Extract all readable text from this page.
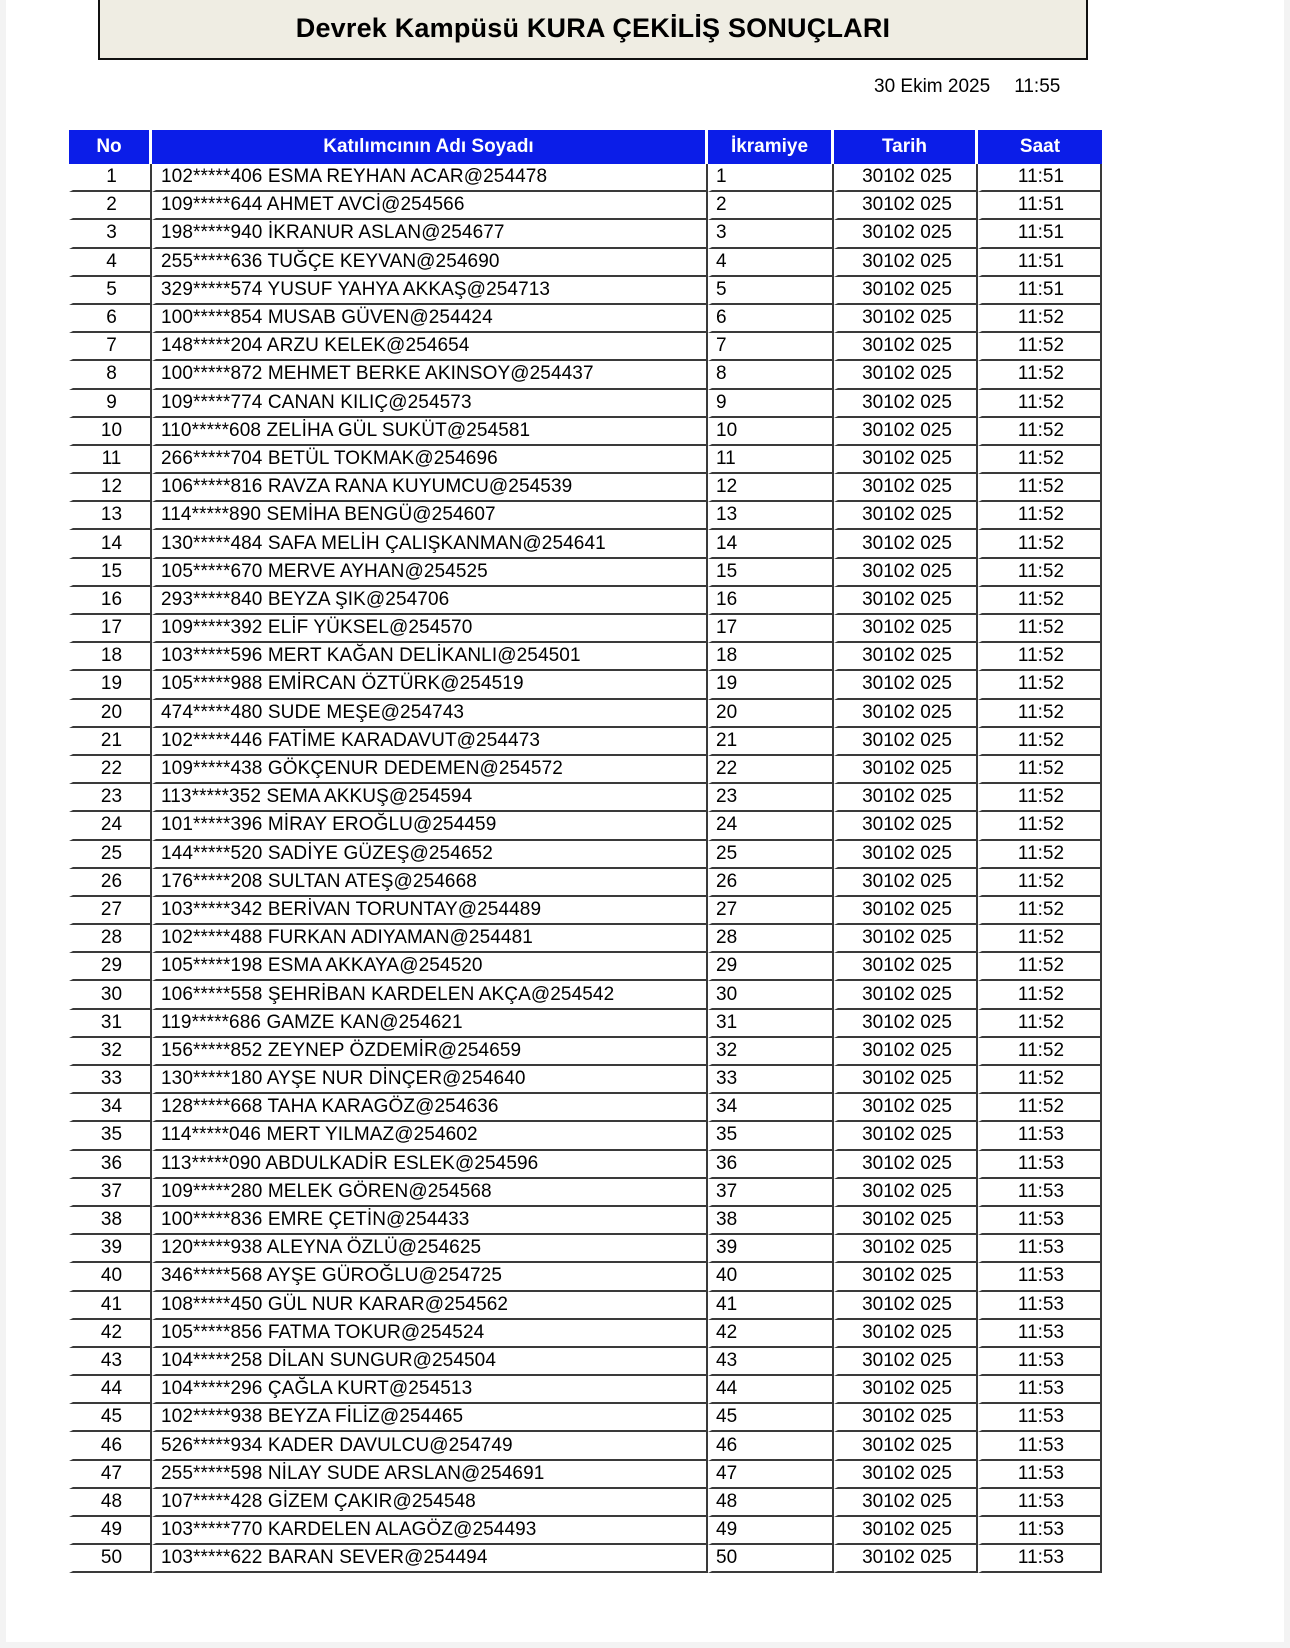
Devrek Kampüsü KURA ÇEKİLİŞ SONUÇLARI
30 Ekim 2025 11:55
No	Katılımcının Adı Soyadı	İkramiye	Tarih	Saat
1	102*****406 ESMA REYHAN ACAR@254478	1	30102 025	11:51
2	109*****644 AHMET AVCİ@254566	2	30102 025	11:51
3	198*****940 İKRANUR ASLAN@254677	3	30102 025	11:51
4	255*****636 TUĞÇE KEYVAN@254690	4	30102 025	11:51
5	329*****574 YUSUF YAHYA AKKAŞ@254713	5	30102 025	11:51
6	100*****854 MUSAB GÜVEN@254424	6	30102 025	11:52
7	148*****204 ARZU KELEK@254654	7	30102 025	11:52
8	100*****872 MEHMET BERKE AKINSOY@254437	8	30102 025	11:52
9	109*****774 CANAN KILIÇ@254573	9	30102 025	11:52
10	110*****608 ZELİHA GÜL SUKÜT@254581	10	30102 025	11:52
11	266*****704 BETÜL TOKMAK@254696	11	30102 025	11:52
12	106*****816 RAVZA RANA KUYUMCU@254539	12	30102 025	11:52
13	114*****890 SEMİHA BENGÜ@254607	13	30102 025	11:52
14	130*****484 SAFA MELİH ÇALIŞKANMAN@254641	14	30102 025	11:52
15	105*****670 MERVE AYHAN@254525	15	30102 025	11:52
16	293*****840 BEYZA ŞIK@254706	16	30102 025	11:52
17	109*****392 ELİF YÜKSEL@254570	17	30102 025	11:52
18	103*****596 MERT KAĞAN DELİKANLI@254501	18	30102 025	11:52
19	105*****988 EMİRCAN ÖZTÜRK@254519	19	30102 025	11:52
20	474*****480 SUDE MEŞE@254743	20	30102 025	11:52
21	102*****446 FATİME KARADAVUT@254473	21	30102 025	11:52
22	109*****438 GÖKÇENUR DEDEMEN@254572	22	30102 025	11:52
23	113*****352 SEMA AKKUŞ@254594	23	30102 025	11:52
24	101*****396 MİRAY EROĞLU@254459	24	30102 025	11:52
25	144*****520 SADİYE GÜZEŞ@254652	25	30102 025	11:52
26	176*****208 SULTAN ATEŞ@254668	26	30102 025	11:52
27	103*****342 BERİVAN TORUNTAY@254489	27	30102 025	11:52
28	102*****488 FURKAN ADIYAMAN@254481	28	30102 025	11:52
29	105*****198 ESMA AKKAYA@254520	29	30102 025	11:52
30	106*****558 ŞEHRİBAN KARDELEN AKÇA@254542	30	30102 025	11:52
31	119*****686 GAMZE KAN@254621	31	30102 025	11:52
32	156*****852 ZEYNEP ÖZDEMİR@254659	32	30102 025	11:52
33	130*****180 AYŞE NUR DİNÇER@254640	33	30102 025	11:52
34	128*****668 TAHA KARAGÖZ@254636	34	30102 025	11:52
35	114*****046 MERT YILMAZ@254602	35	30102 025	11:53
36	113*****090 ABDULKADİR ESLEK@254596	36	30102 025	11:53
37	109*****280 MELEK GÖREN@254568	37	30102 025	11:53
38	100*****836 EMRE ÇETİN@254433	38	30102 025	11:53
39	120*****938 ALEYNA ÖZLÜ@254625	39	30102 025	11:53
40	346*****568 AYŞE GÜROĞLU@254725	40	30102 025	11:53
41	108*****450 GÜL NUR KARAR@254562	41	30102 025	11:53
42	105*****856 FATMA TOKUR@254524	42	30102 025	11:53
43	104*****258 DİLAN SUNGUR@254504	43	30102 025	11:53
44	104*****296 ÇAĞLA KURT@254513	44	30102 025	11:53
45	102*****938 BEYZA FİLİZ@254465	45	30102 025	11:53
46	526*****934 KADER DAVULCU@254749	46	30102 025	11:53
47	255*****598 NİLAY SUDE ARSLAN@254691	47	30102 025	11:53
48	107*****428 GİZEM ÇAKIR@254548	48	30102 025	11:53
49	103*****770 KARDELEN ALAGÖZ@254493	49	30102 025	11:53
50	103*****622 BARAN SEVER@254494	50	30102 025	11:53
